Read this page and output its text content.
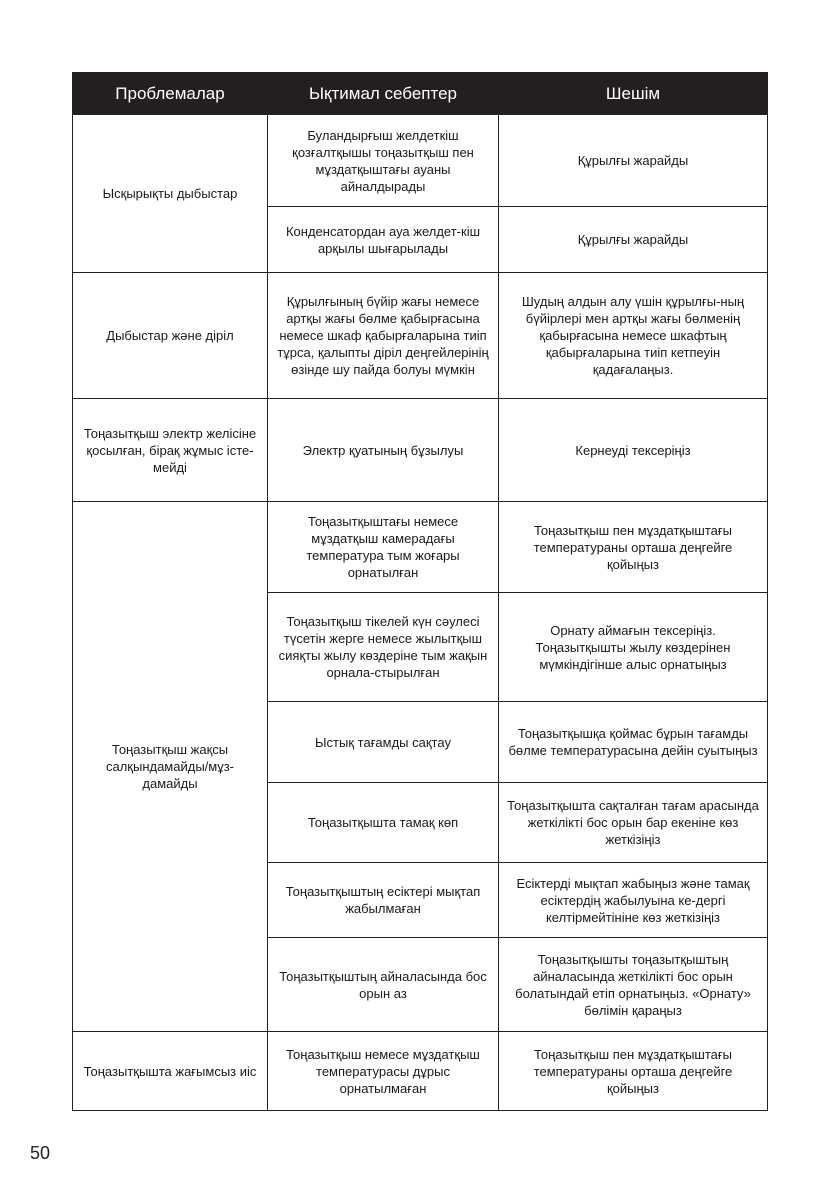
Проблемалар	Ықтимал себептер	Шешім
Ысқырықты дыбыстар	Буландырғыш желдеткіш қозғалтқышы тоңазытқыш пен мұздатқыштағы ауаны айналдырады	Құрылғы жарайды
	Конденсатордан ауа желдет-кіш арқылы шығарылады	Құрылғы жарайды
Дыбыстар және діріл	Құрылғының бүйір жағы немесе артқы жағы бөлме қабырғасына немесе шкаф қабырғаларына тиіп тұрса, қалыпты діріл деңгейлерінің өзінде шу пайда болуы мүмкін	Шудың алдын алу үшін құрылғы-ның бүйірлері мен артқы жағы бөлменің қабырғасына немесе шкафтың қабырғаларына тиіп кетпеуін қадағалаңыз.
Тоңазытқыш электр желісіне қосылған, бірақ жұмыс істе-мейді	Электр қуатының бұзылуы	Кернеуді тексеріңіз
Тоңазытқыш жақсы салқындамайды/мұз-дамайды	Тоңазытқыштағы немесе мұздатқыш камерадағы температура тым жоғары орнатылған	Тоңазытқыш пен мұздатқыштағы температураны орташа деңгейге қойыңыз
	Тоңазытқыш тікелей күн сәулесі түсетін жерге немесе жылытқыш сияқты жылу көздеріне тым жақын орнала-стырылған	Орнату аймағын тексеріңіз. Тоңазытқышты жылу көздерінен мүмкіндігінше алыс орнатыңыз
	Ыстық тағамды сақтау	Тоңазытқышқа қоймас бұрын тағамды бөлме температурасына дейін суытыңыз
	Тоңазытқышта тамақ көп	Тоңазытқышта сақталған тағам арасында жеткілікті бос орын бар екеніне көз жеткізіңіз
	Тоңазытқыштың есіктері мықтап жабылмаған	Есіктерді мықтап жабыңыз және тамақ есіктердің жабылуына ке-дергі келтірмейтініне көз жеткізіңіз
	Тоңазытқыштың айналасында бос орын аз	Тоңазытқышты тоңазытқыштың айналасында жеткілікті бос орын болатындай етіп орнатыңыз. «Орнату» бөлімін қараңыз
Тоңазытқышта жағымсыз иіс	Тоңазытқыш немесе мұздатқыш температурасы дұрыс орнатылмаған	Тоңазытқыш пен мұздатқыштағы температураны орташа деңгейге қойыңыз
50
